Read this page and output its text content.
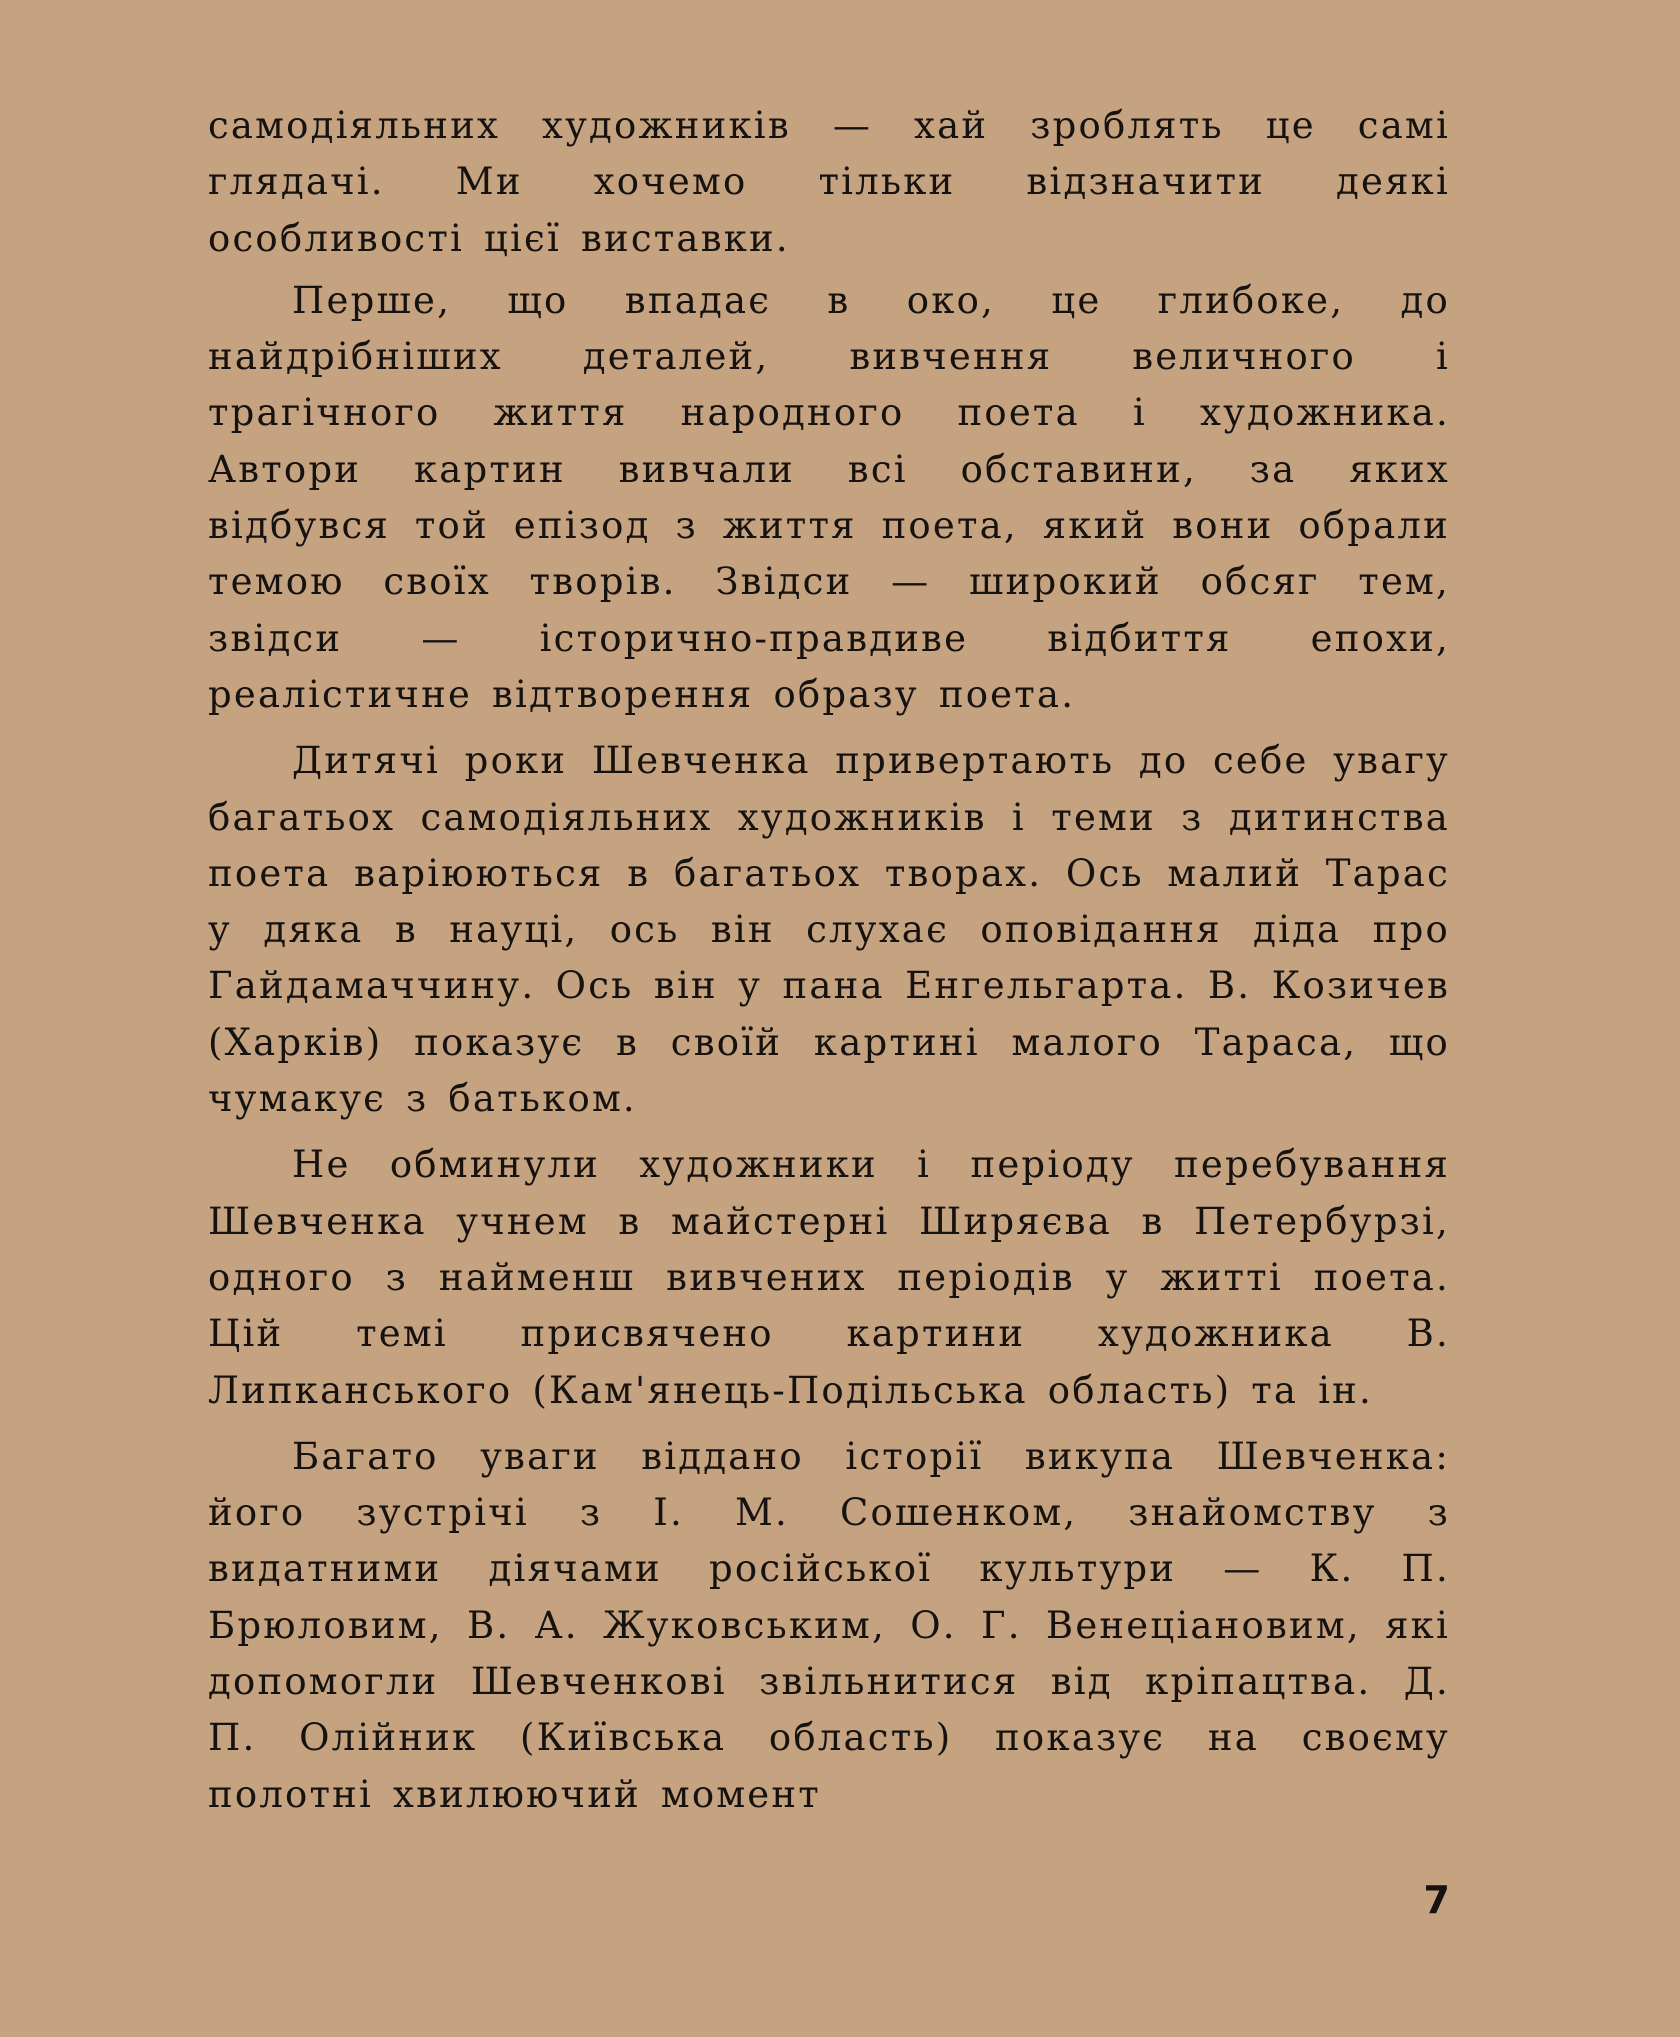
самодіяльних художників — хай зроблять це самі глядачі. Ми хочемо тільки відзначити деякі особливості цієї виставки.

Перше, що впадає в око, це глибоке, до найдрібніших деталей, вивчення величного і трагічного життя народного поета і художника. Автори картин вивчали всі обставини, за яких відбувся той епізод з життя поета, який вони обрали темою своїх творів. Звідси — широкий обсяг тем, звідси — історично-правдиве відбиття епохи, реалістичне відтворення образу поета.

Дитячі роки Шевченка привертають до себе увагу багатьох самодіяльних художників і теми з дитинства поета варіюються в багатьох творах. Ось малий Тарас у дяка в науці, ось він слухає оповідання діда про Гайдамаччину. Ось він у пана Енгельгарта. В. Козичев (Харків) показує в своїй картині малого Тараса, що чумакує з батьком.

Не обминули художники і періоду перебування Шевченка учнем в майстерні Ширяєва в Петербурзі, одного з найменш вивчених періодів у житті поета. Цій темі присвячено картини художника В. Липканського (Кам'янець-Подільська область) та ін.

Багато уваги віддано історії викупа Шевченка: його зустрічі з І. М. Сошенком, знайомству з видатними діячами російської культури — К. П. Брюловим, В. А. Жуковським, О. Г. Венеціановим, які допомогли Шевченкові звільнитися від кріпацтва. Д. П. Олійник (Київська область) показує на своєму полотні хвилюючий момент

7
